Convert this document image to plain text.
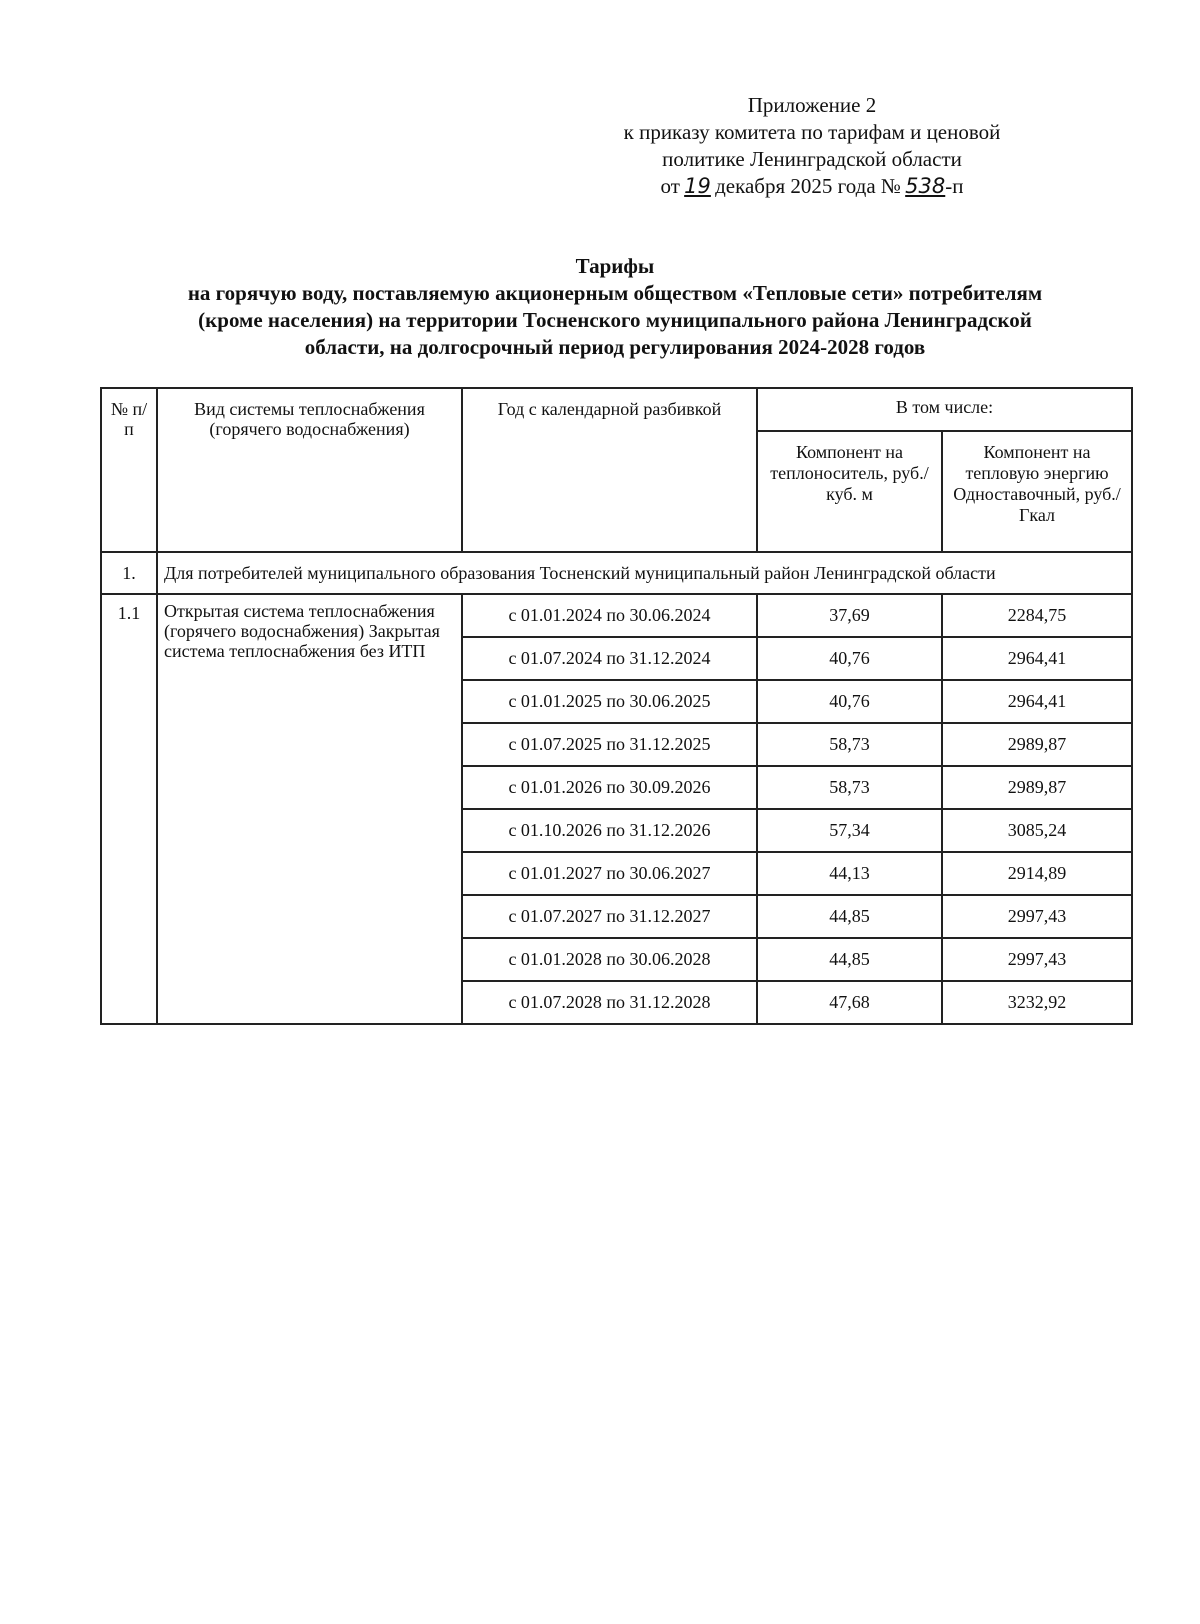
Приложение 2
к приказу комитета по тарифам и ценовой
политике Ленинградской области
от  19  декабря 2025 года №  538-п
Тарифы
на горячую воду, поставляемую акционерным обществом «Тепловые сети» потребителям
(кроме населения) на территории Тосненского муниципального района Ленинградской
области, на долгосрочный период регулирования 2024-2028 годов
№ п/п	Вид системы теплоснабжения (горячего водоснабжения)	Год с календарной разбивкой	В том числе:	
			Компонент на теплоноситель, руб./куб. м	Компонент на тепловую энергию Одноставочный, руб./Гкал
1.	Для потребителей муниципального образования Тосненский муниципальный район Ленинградской области			
1.1	Открытая система теплоснабжения (горячего водоснабжения) Закрытая система теплоснабжения без ИТП	с 01.01.2024 по 30.06.2024	37,69	2284,75
		с 01.07.2024 по 31.12.2024	40,76	2964,41
		с 01.01.2025 по 30.06.2025	40,76	2964,41
		с 01.07.2025 по 31.12.2025	58,73	2989,87
		с 01.01.2026 по 30.09.2026	58,73	2989,87
		с 01.10.2026 по 31.12.2026	57,34	3085,24
		с 01.01.2027 по 30.06.2027	44,13	2914,89
		с 01.07.2027 по 31.12.2027	44,85	2997,43
		с 01.01.2028 по 30.06.2028	44,85	2997,43
		с 01.07.2028 по 31.12.2028	47,68	3232,92
